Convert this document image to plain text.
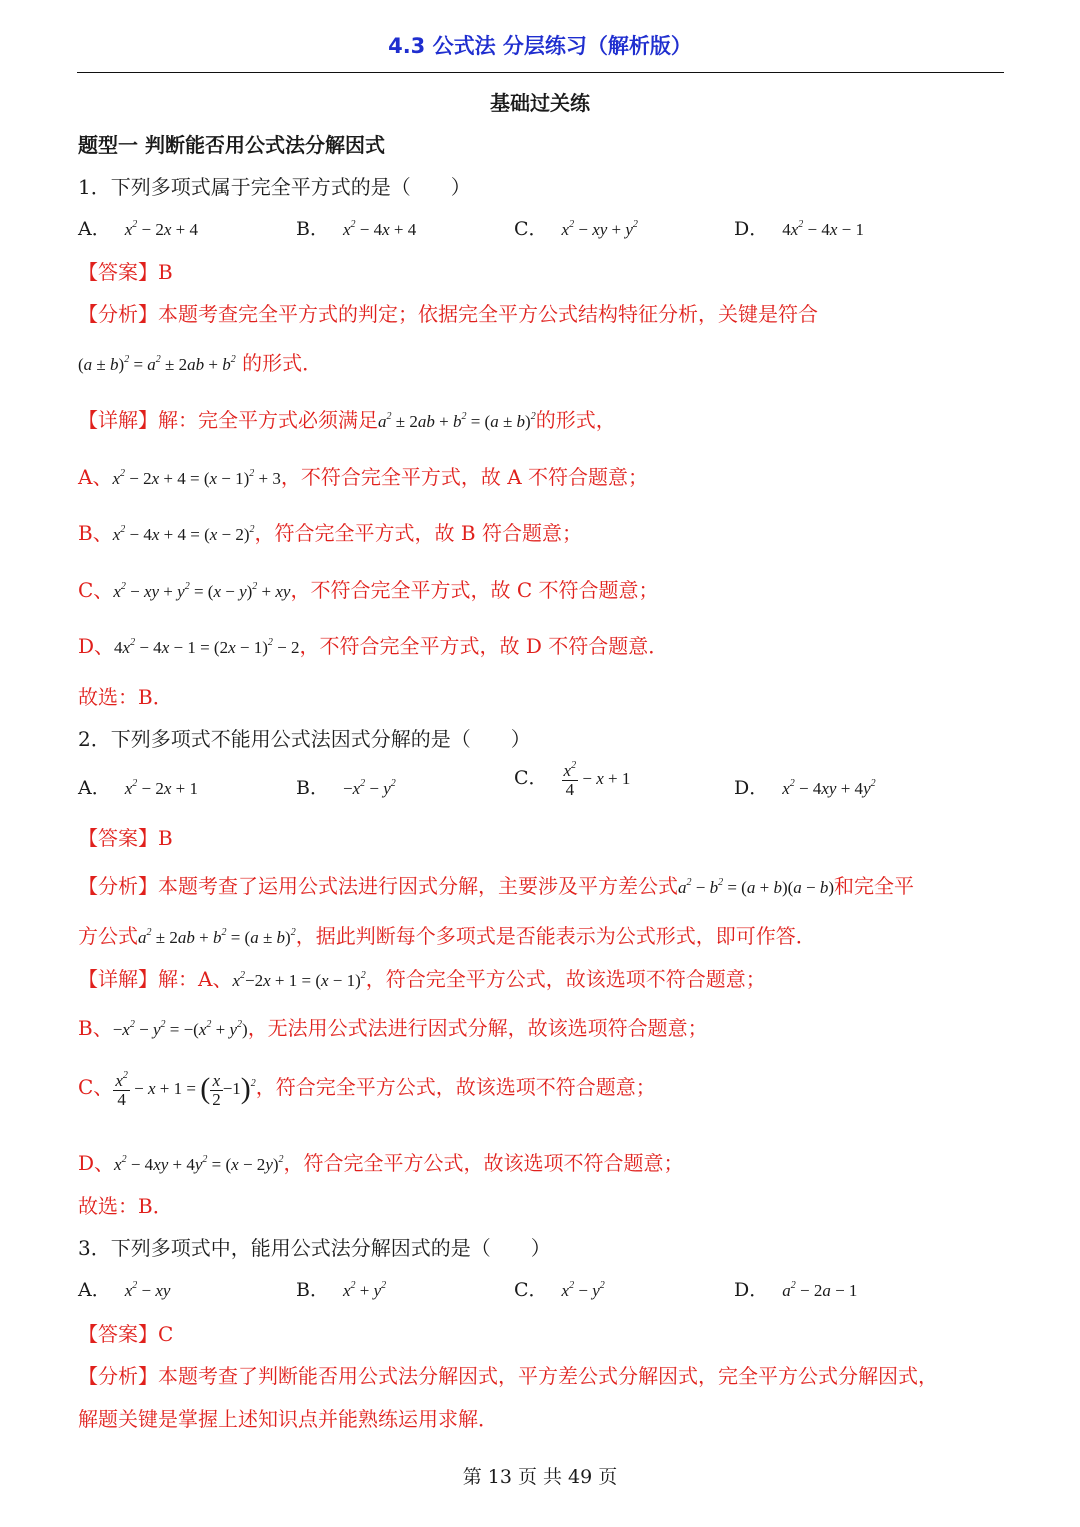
4.3 公式法 分层练习（解析版）
基础过关练
题型一 判断能否用公式法分解因式
1．下列多项式属于完全平方式的是（　　）
A． $x^2 - 2x + 4$	B． $x^2 - 4x + 4$	C． $x^2$ − xy + $y^2$	D． $4x^2 - 4x - 1$
【答案】B
【分析】本题考查完全平方式的判定；依据完全平方公式结构特征分析，关键是符合
$(a \pm b)^2 = a^2 \pm 2ab + b^2$ 的形式．
【详解】解：完全平方式必须满足$a^2 \pm 2ab + b^2 = (a \pm b)^2$的形式，
A、$x^2 - 2x + 4 = (x - 1)^2 + 3$，不符合完全平方式，故 A 不符合题意；
B、$x^2 - 4x + 4 = (x - 2)^2$，符合完全平方式，故 B 符合题意；
C、$x^2$ − xy + $y^2 = (x - y)^2$ + xy，不符合完全平方式，故 C 不符合题意；
D、$4x^2 - 4x - 1 = (2x - 1)^2 - 2$，不符合完全平方式，故 D 不符合题意．
故选：B．
2．下列多项式不能用公式法因式分解的是（　　）
A． $x^2 - 2x + 1$	B． $-x^2 - y^2$	C． $\frac{x^2}{4} - x + 1$	D． $x^2 - 4xy + 4y^2$
【答案】B
【分析】本题考查了运用公式法进行因式分解，主要涉及平方差公式$a^2 - b^2 = (a + b)(a - b)$和完全平
方公式$a^2 \pm 2ab + b^2 = (a \pm b)^2$，据此判断每个多项式是否能表示为公式形式，即可作答．
【详解】解：A、$x^2-2x + 1 = (x - 1)^2$，符合完全平方公式，故该选项不符合题意；
B、$-x^2 - y^2 = -(x^2 + y^2)$，无法用公式法进行因式分解，故该选项符合题意；
C、 $\frac{x^2}{4} - x + 1$ = ( $\frac{x}{2} -1)^2$，符合完全平方公式，故该选项不符合题意；
D、$x^2 - 4xy + 4y^2 = (x - 2y)^2$，符合完全平方公式，故该选项不符合题意；
故选：B．
3．下列多项式中，能用公式法分解因式的是（　　）
A． $x^2$ − xy	B． $x^2 + y^2$	C． $x^2 - y^2$	D． $a^2 - 2a - 1$
【答案】C
【分析】本题考查了判断能否用公式法分解因式，平方差公式分解因式，完全平方公式分解因式，
解题关键是掌握上述知识点并能熟练运用求解．
第 13 页 共 49 页
